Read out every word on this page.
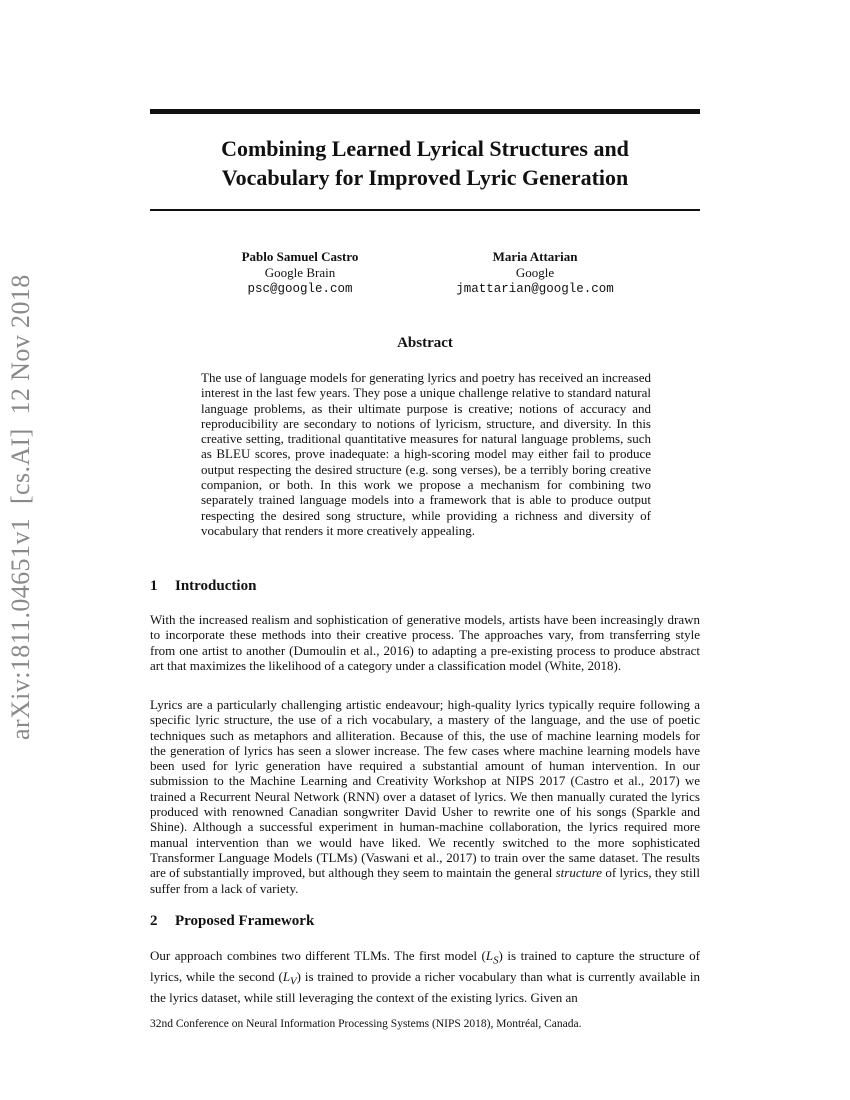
arXiv:1811.04651v1  [cs.AI]  12 Nov 2018
Combining Learned Lyrical Structures and
Vocabulary for Improved Lyric Generation
Pablo Samuel Castro
Google Brain
psc@google.com
Maria Attarian
Google
jmattarian@google.com
Abstract
The use of language models for generating lyrics and poetry has received an increased interest in the last few years. They pose a unique challenge relative to standard natural language problems, as their ultimate purpose is creative; notions of accuracy and reproducibility are secondary to notions of lyricism, structure, and diversity. In this creative setting, traditional quantitative measures for natural language problems, such as BLEU scores, prove inadequate: a high-scoring model may either fail to produce output respecting the desired structure (e.g. song verses), be a terribly boring creative companion, or both. In this work we propose a mechanism for combining two separately trained language models into a framework that is able to produce output respecting the desired song structure, while providing a richness and diversity of vocabulary that renders it more creatively appealing.
1 Introduction
With the increased realism and sophistication of generative models, artists have been increasingly drawn to incorporate these methods into their creative process. The approaches vary, from transferring style from one artist to another (Dumoulin et al., 2016) to adapting a pre-existing process to produce abstract art that maximizes the likelihood of a category under a classification model (White, 2018).
Lyrics are a particularly challenging artistic endeavour; high-quality lyrics typically require following a specific lyric structure, the use of a rich vocabulary, a mastery of the language, and the use of poetic techniques such as metaphors and alliteration. Because of this, the use of machine learning models for the generation of lyrics has seen a slower increase. The few cases where machine learning models have been used for lyric generation have required a substantial amount of human intervention. In our submission to the Machine Learning and Creativity Workshop at NIPS 2017 (Castro et al., 2017) we trained a Recurrent Neural Network (RNN) over a dataset of lyrics. We then manually curated the lyrics produced with renowned Canadian songwriter David Usher to rewrite one of his songs (Sparkle and Shine). Although a successful experiment in human-machine collaboration, the lyrics required more manual intervention than we would have liked. We recently switched to the more sophisticated Transformer Language Models (TLMs) (Vaswani et al., 2017) to train over the same dataset. The results are of substantially improved, but although they seem to maintain the general structure of lyrics, they still suffer from a lack of variety.
2 Proposed Framework
Our approach combines two different TLMs. The first model $(L_S)$ is trained to capture the structure of lyrics, while the second $(L_V)$ is trained to provide a richer vocabulary than what is currently available in the lyrics dataset, while still leveraging the context of the existing lyrics. Given an
32nd Conference on Neural Information Processing Systems (NIPS 2018), Montréal, Canada.
